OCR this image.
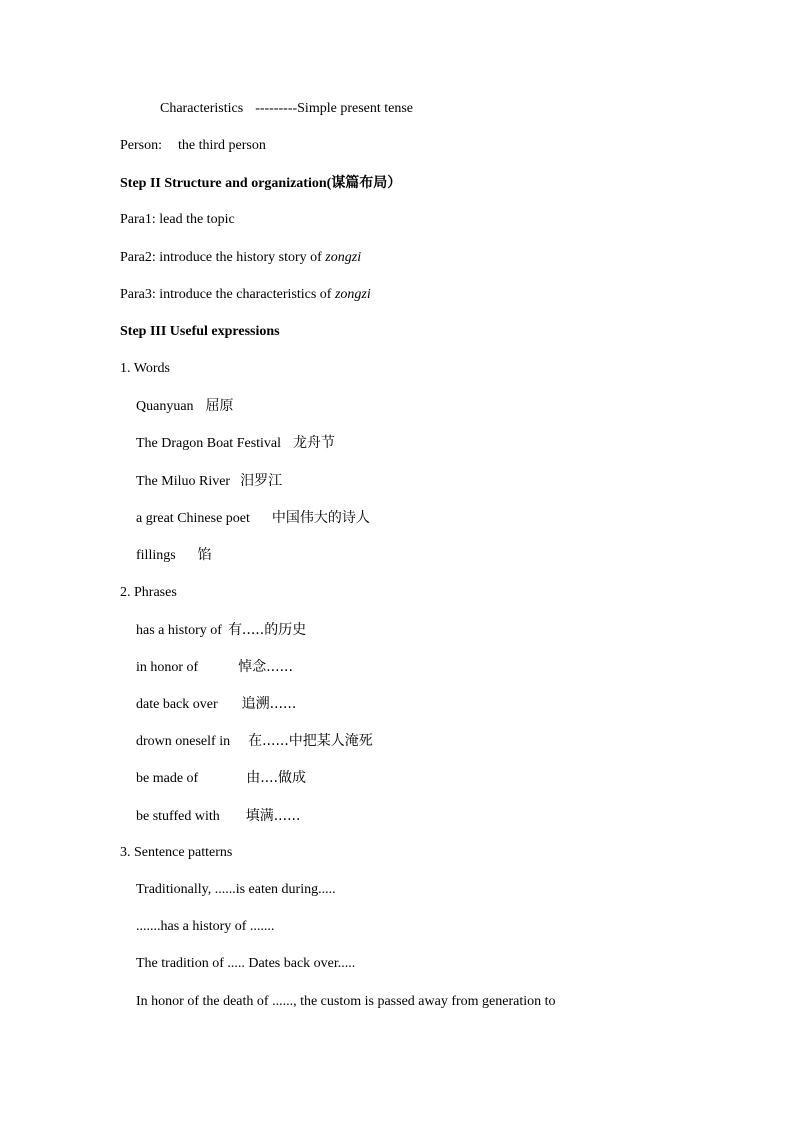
Characteristics ---------Simple present tense
Person: the third person
Step II Structure and organization(谋篇布局）
Para1: lead the topic
Para2: introduce the history story of zongzi
Para3: introduce the characteristics of zongzi
Step III Useful expressions
1. Words
Quanyuan 屈原
The Dragon Boat Festival 龙舟节
The Miluo River 汨罗江
a great Chinese poet 中国伟大的诗人
fillings 馅
2. Phrases
has a history of 有.....的历史
in honor of	悼念......
date back over 追溯......
drown oneself in 在......中把某人淹死
be made of	由....做成
be stuffed with 填满......
3. Sentence patterns
Traditionally, ......is eaten during.....
.......has a history of .......
The tradition of ..... Dates back over.....
In honor of the death of ......, the custom is passed away from generation to
